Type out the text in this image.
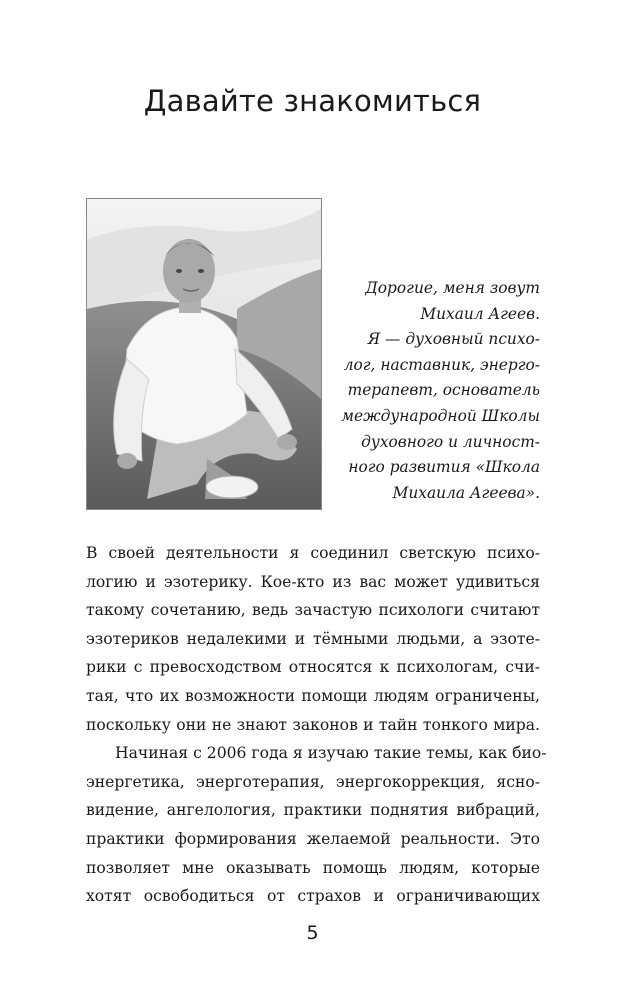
Давайте знакомиться
Дорогие, меня зовут
Михаил Агеев.
Я — духовный психо-
лог, наставник, энерго-
терапевт, основатель
международной Школы
духовного и личност-
ного развития «Школа
Михаила Агеева».
В своей деятельности я соединил светскую психо-
логию и эзотерику. Кое-кто из вас может удивиться
такому сочетанию, ведь зачастую психологи считают
эзотериков недалекими и тёмными людьми, а эзоте-
рики с превосходством относятся к психологам, счи-
тая, что их возможности помощи людям ограничены,
поскольку они не знают законов и тайн тонкого мира.
Начиная с 2006 года я изучаю такие темы, как био-
энергетика, энерготерапия, энергокоррекция, ясно-
видение, ангелология, практики поднятия вибраций,
практики формирования желаемой реальности. Это
позволяет мне оказывать помощь людям, которые
хотят освободиться от страхов и ограничивающих
5
